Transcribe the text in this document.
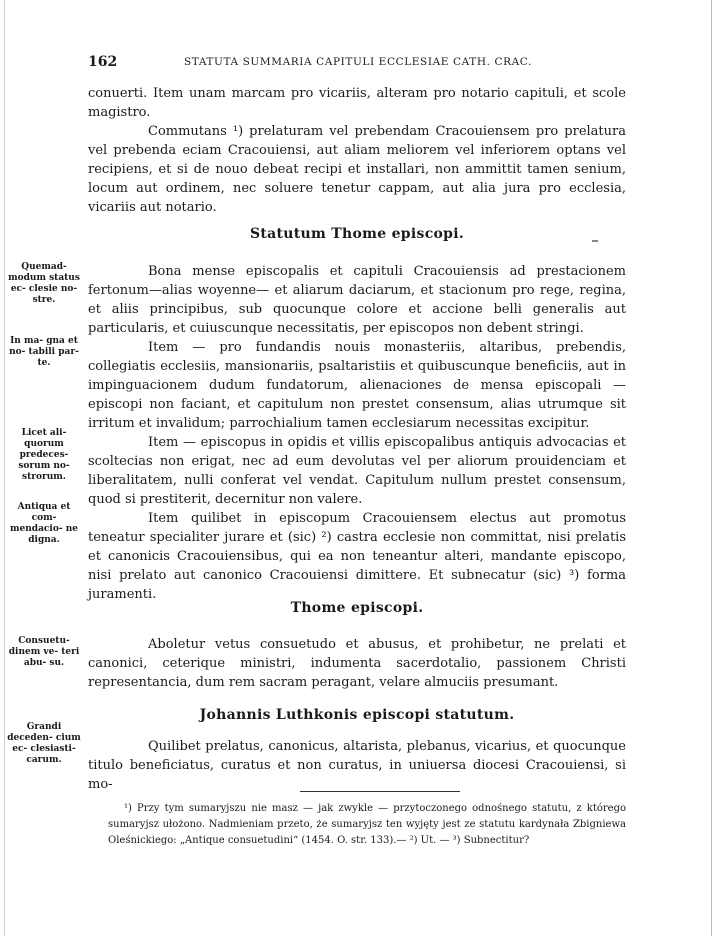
162	STATUTA SUMMARIA CAPITULI ECCLESIAE CATH. CRAC.

conuerti. Item unam marcam pro vicariis, alteram pro notario capituli, et scole magistro.

Commutans ¹) prelaturam vel prebendam Cracouiensem pro prelatura vel prebenda eciam Cracouiensi, aut aliam meliorem vel inferiorem optans vel recipiens, et si de nouo debeat recipi et installari, non ammittit tamen senium, locum aut ordinem, nec soluere tenetur cappam, aut alia jura pro ecclesia, vicariis aut notario.

Statutum Thome episcopi.
Quemad- modum status ec- clesie no- stre.
In ma- gna et no- tabili par- te.
Licet ali- quorum predeces- sorum no- strorum.
Antiqua et com- mendacio- ne digna.
Consuetu- dinem ve- teri abu- su.
Grandi deceden- cium ec- clesiasti- carum.

Bona mense episcopalis et capituli Cracouiensis ad prestacionem fertonum—alias woyenne— et aliarum daciarum, et stacionum pro rege, regina, et aliis principibus, sub quocunque colore et accione belli generalis aut particularis, et cuiuscunque necessitatis, per episcopos non debent stringi.

Item — pro fundandis nouis monasteriis, altaribus, prebendis, collegiatis ecclesiis, mansionariis, psaltaristiis et quibuscunque beneficiis, aut in impinguacionem dudum fundatorum, alienaciones de mensa episcopali — episcopi non faciant, et capitulum non prestet consensum, alias utrumque sit irritum et invalidum; parrochialium tamen ecclesiarum necessitas excipitur.

Item — episcopus in opidis et villis episcopalibus antiquis advocacias et scoltecias non erigat, nec ad eum devolutas vel per aliorum prouidenciam et liberalitatem, nulli conferat vel vendat. Capitulum nullum prestet consensum, quod si prestiterit, decernitur non valere.

Item quilibet in episcopum Cracouiensem electus aut promotus teneatur specialiter jurare et (sic) ²) castra ecclesie non committat, nisi prelatis et canonicis Cracouiensibus, qui ea non teneantur alteri, mandante episcopo, nisi prelato aut canonico Cracouiensi dimittere. Et subnecatur (sic) ³) forma juramenti.

Thome episcopi.

Aboletur vetus consuetudo et abusus, et prohibetur, ne prelati et canonici, ceterique ministri, indumenta sacerdotalio, passionem Christi representancia, dum rem sacram peragant, velare almuciis presumant.

Johannis Luthkonis episcopi statutum.

Quilibet prelatus, canonicus, altarista, plebanus, vicarius, et quocunque titulo beneficiatus, curatus et non curatus, in uniuersa diocesi Cracouiensi, si mo-

¹) Przy tym sumaryjszu nie masz — jak zwykle — przytoczonego odnośnego statutu, z którego sumaryjsz ułożono. Nadmieniam przeto, że sumaryjsz ten wyjęty jest ze statutu kardynała Zbigniewa Oleśnickiego: „Antique consuetudini“ (1454. O. str. 133).— ²) Ut. — ³) Subnectitur?
